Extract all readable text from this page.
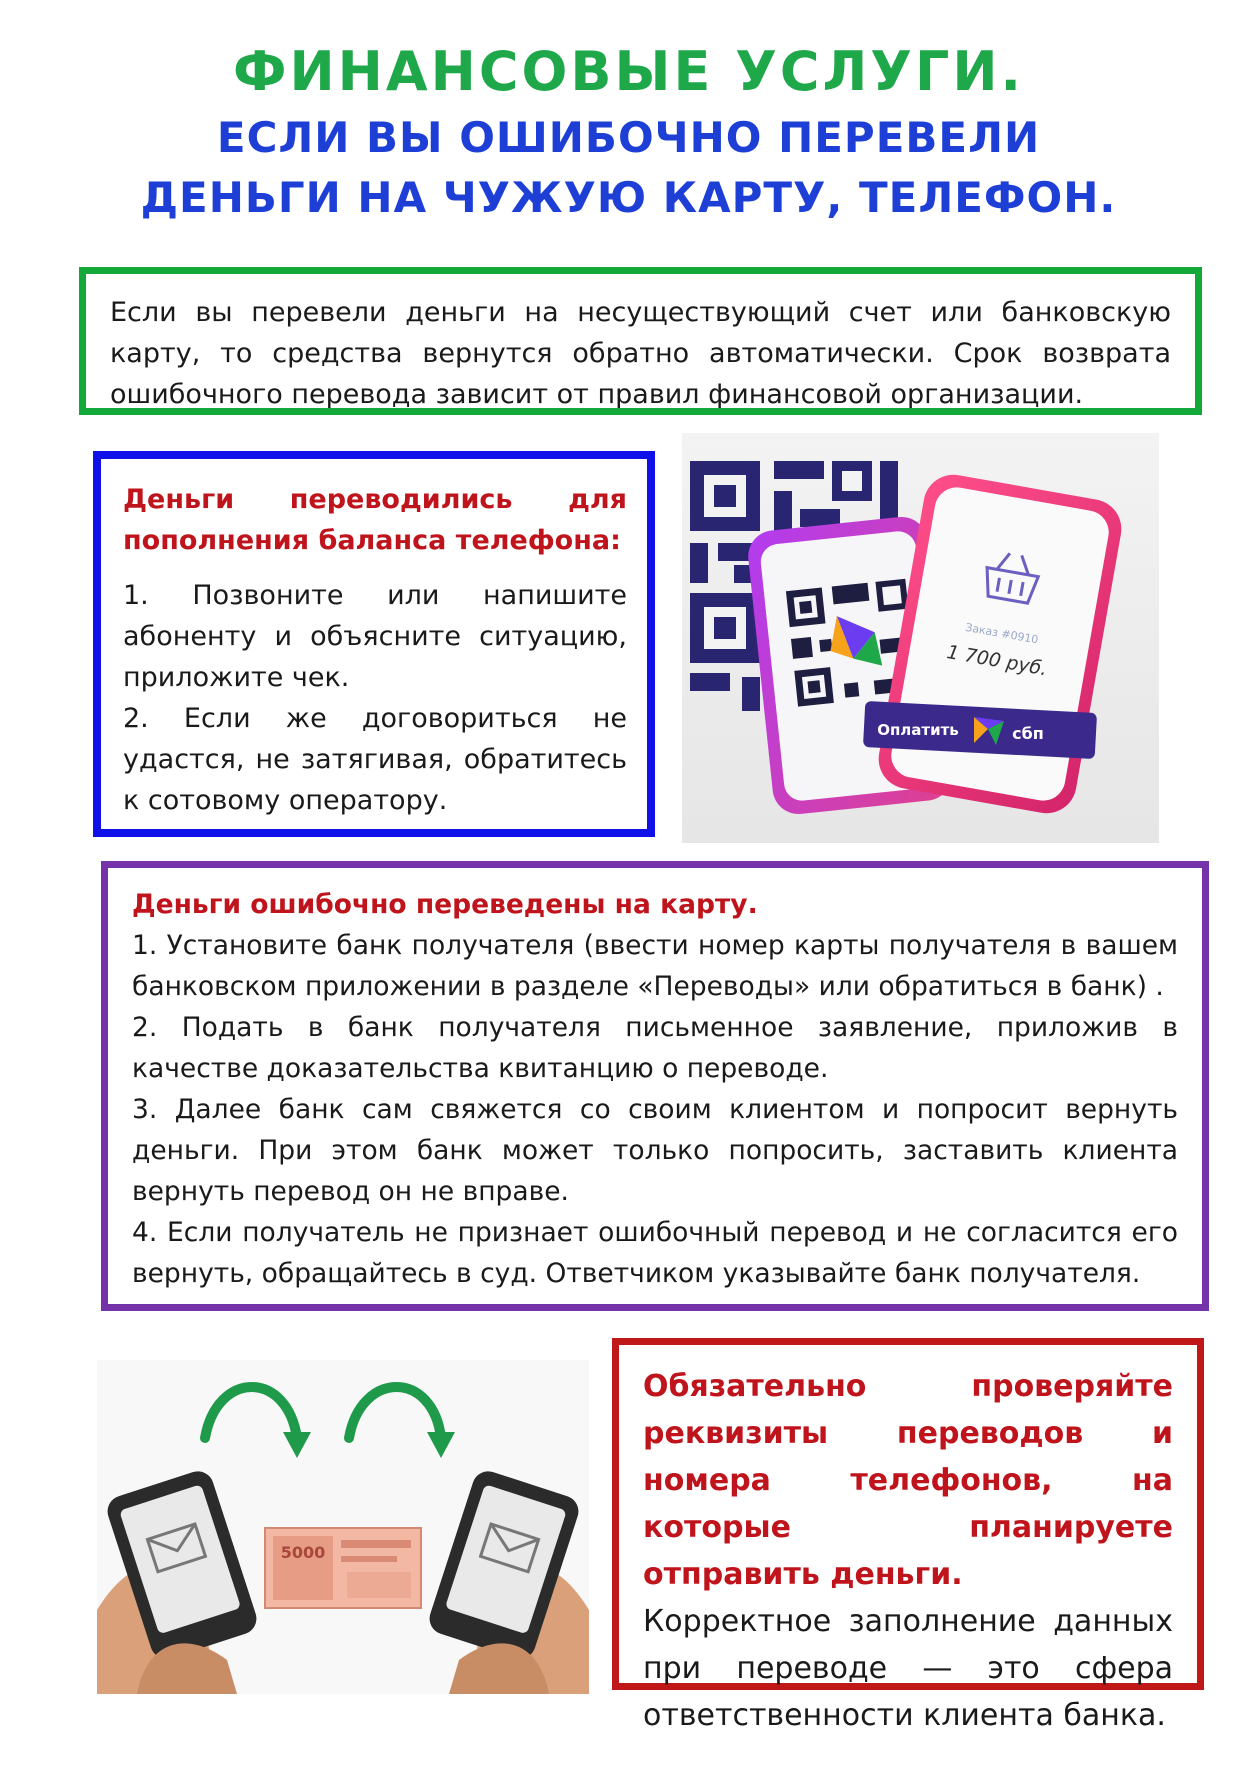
ФИНАНСОВЫЕ УСЛУГИ.
ЕСЛИ ВЫ ОШИБОЧНО ПЕРЕВЕЛИ
ДЕНЬГИ НА ЧУЖУЮ КАРТУ, ТЕЛЕФОН.

Если вы перевели деньги на несуществующий счет или банковскую карту, то средства вернутся обратно автоматически. Срок возврата ошибочного перевода зависит от правил финансовой организации.

Деньги переводились для пополнения баланса телефона:

1. Позвоните или напишите абоненту и объясните ситуацию, приложите чек.

2. Если же договориться не удастся, не затягивая, обратитесь к сотовому оператору.

Заказ #0910
1 700 руб.
Оплатить	сбп

Деньги ошибочно переведены на карту.

1. Установите банк получателя (ввести номер карты получателя в вашем банковском приложении в разделе «Переводы» или обратиться в банк) .

2. Подать в банк получателя письменное заявление, приложив в качестве доказательства квитанцию о переводе.

3. Далее банк сам свяжется со своим клиентом и попросит вернуть деньги. При этом банк может только попросить, заставить клиента вернуть перевод он не вправе.

4. Если получатель не признает ошибочный перевод и не согласится его вернуть, обращайтесь в суд. Ответчиком указывайте банк получателя.

5000

Обязательно проверяйте реквизиты переводов и номера телефонов, на которые планируете отправить деньги.

Корректное заполнение данных при переводе — это сфера ответственности клиента банка.
